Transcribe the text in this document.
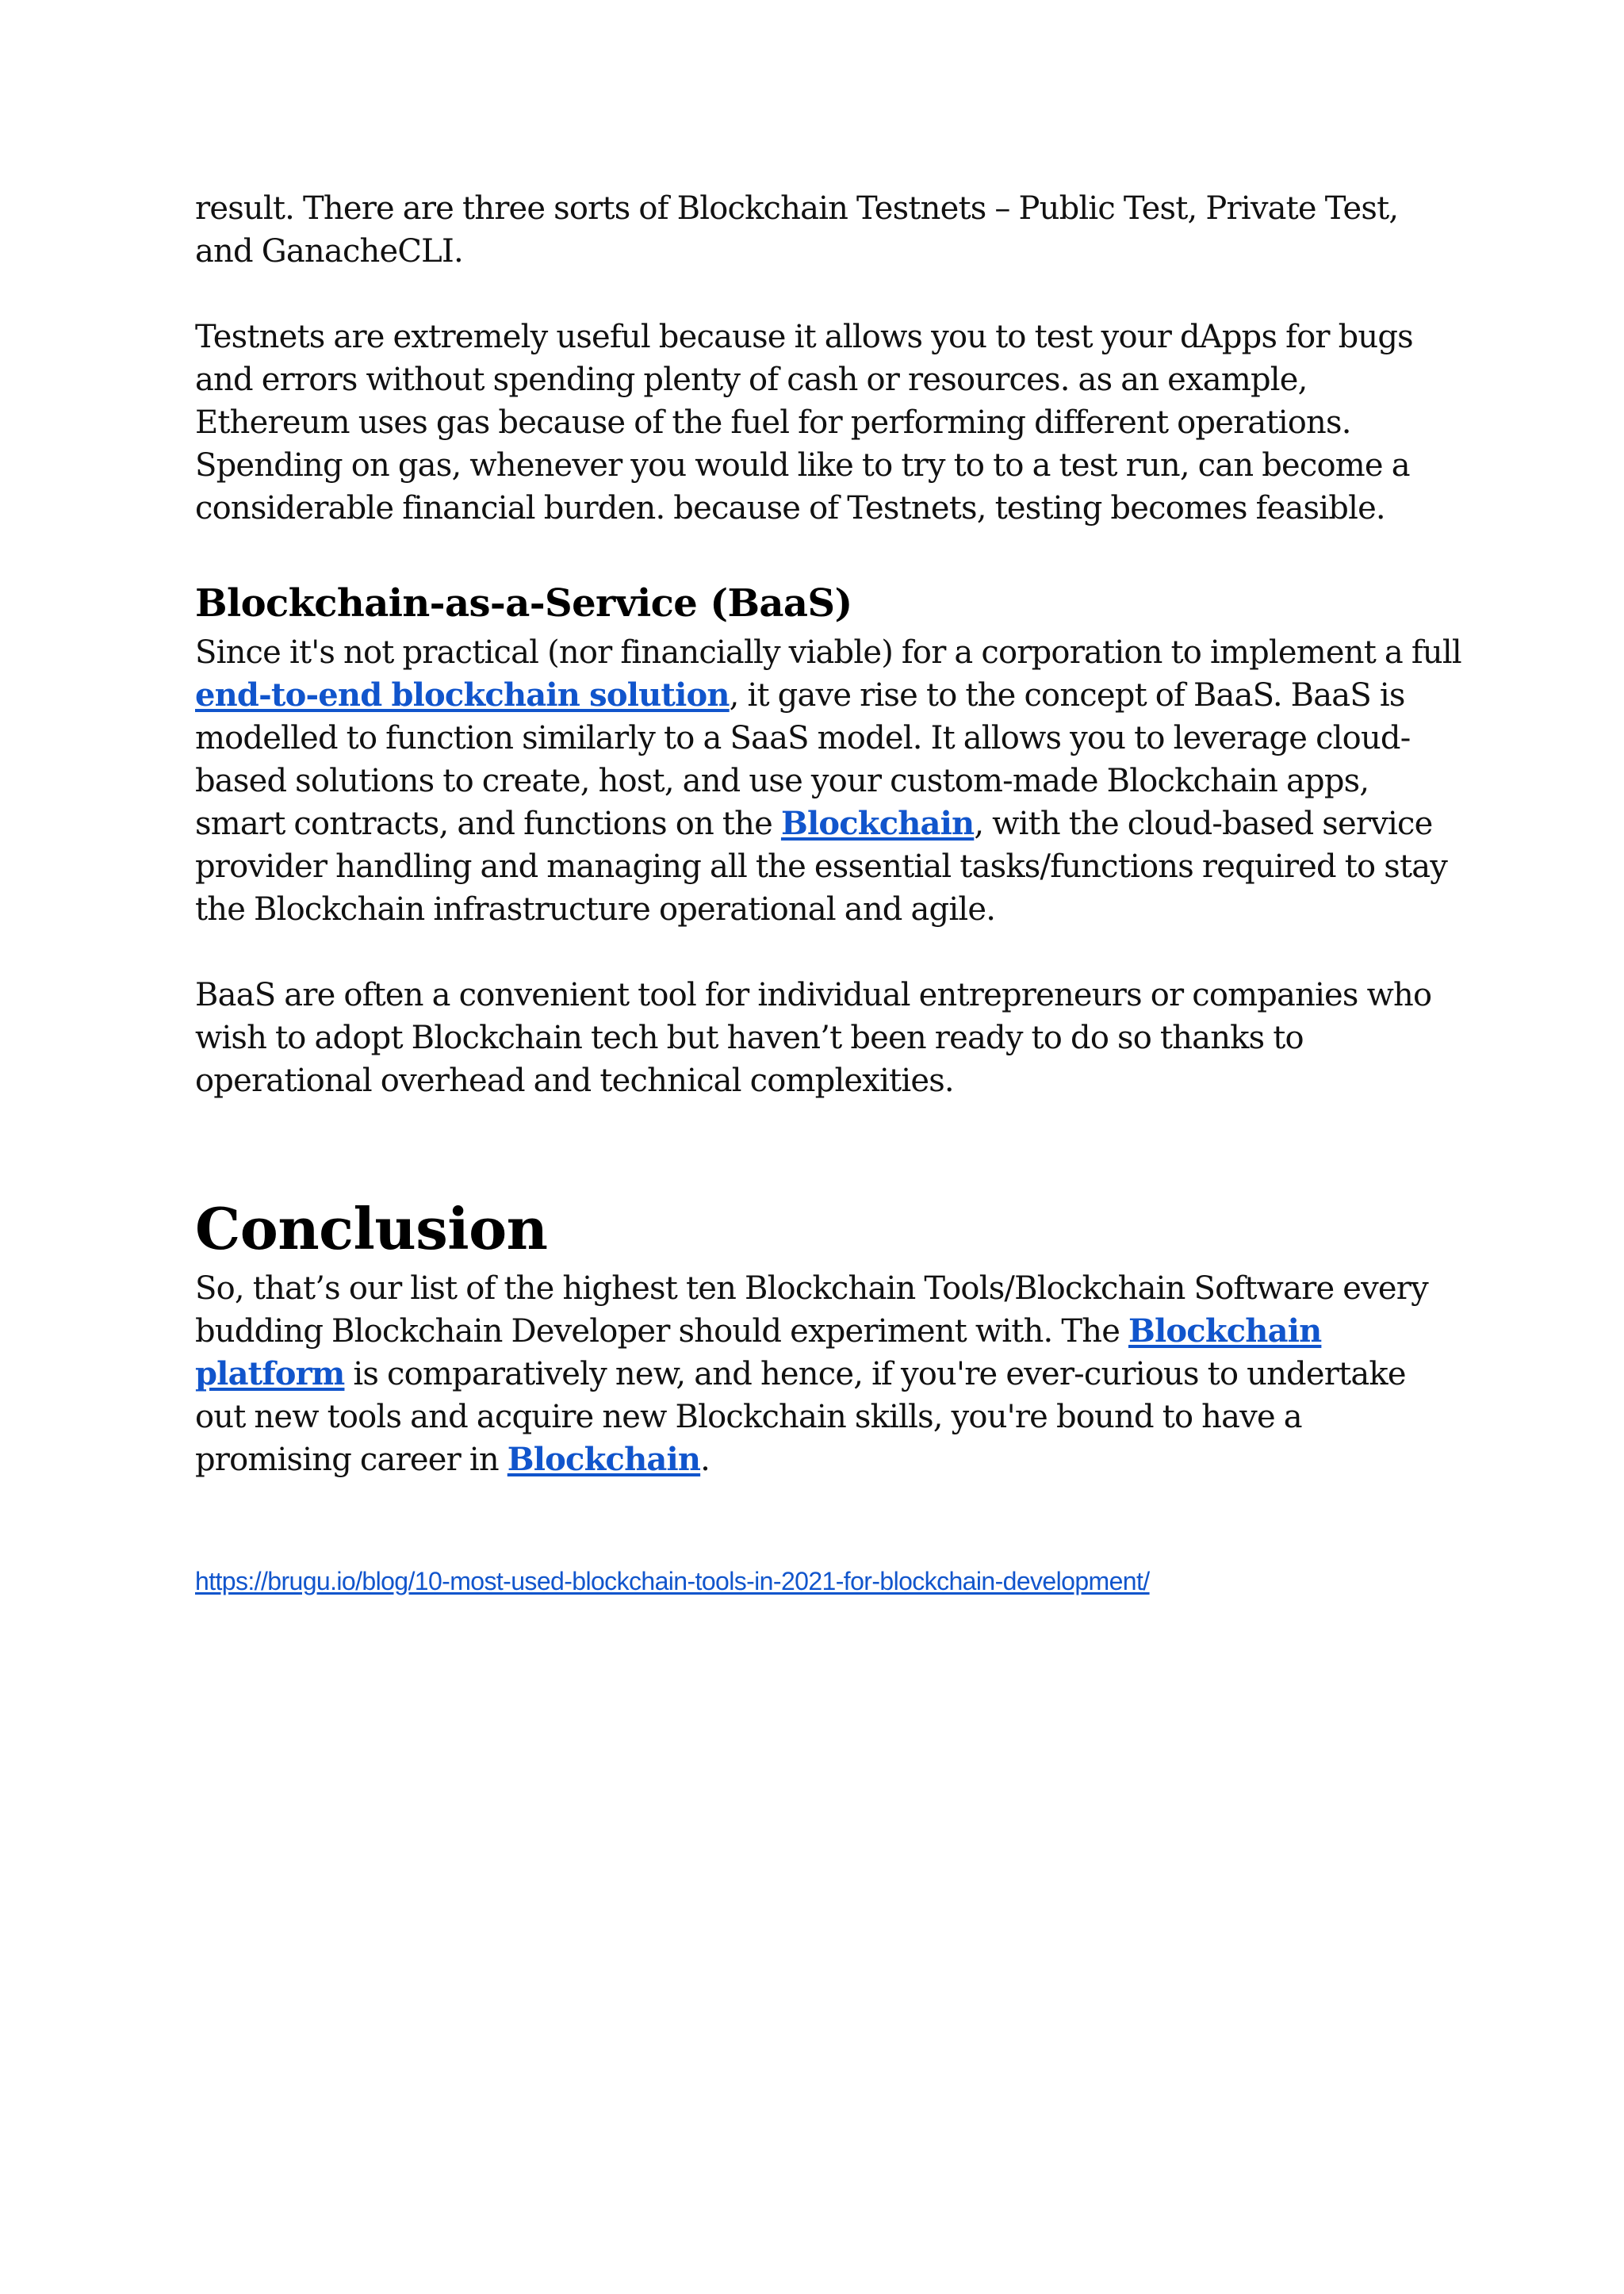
result. There are three sorts of Blockchain Testnets – Public Test, Private Test, and GanacheCLI.

Testnets are extremely useful because it allows you to test your dApps for bugs and errors without spending plenty of cash or resources. as an example, Ethereum uses gas because of the fuel for performing different operations. Spending on gas, whenever you would like to try to to a test run, can become a considerable financial burden. because of Testnets, testing becomes feasible.

Blockchain-as-a-Service (BaaS)

Since it's not practical (nor financially viable) for a corporation to implement a full end-to-end blockchain solution, it gave rise to the concept of BaaS. BaaS is modelled to function similarly to a SaaS model. It allows you to leverage cloud-based solutions to create, host, and use your custom-made Blockchain apps, smart contracts, and functions on the Blockchain, with the cloud-based service provider handling and managing all the essential tasks/functions required to stay the Blockchain infrastructure operational and agile.

BaaS are often a convenient tool for individual entrepreneurs or companies who wish to adopt Blockchain tech but haven’t been ready to do so thanks to operational overhead and technical complexities.

Conclusion

So, that’s our list of the highest ten Blockchain Tools/Blockchain Software every budding Blockchain Developer should experiment with. The Blockchain platform is comparatively new, and hence, if you're ever-curious to undertake out new tools and acquire new Blockchain skills, you're bound to have a promising career in Blockchain.

https://brugu.io/blog/10-most-used-blockchain-tools-in-2021-for-blockchain-development/
